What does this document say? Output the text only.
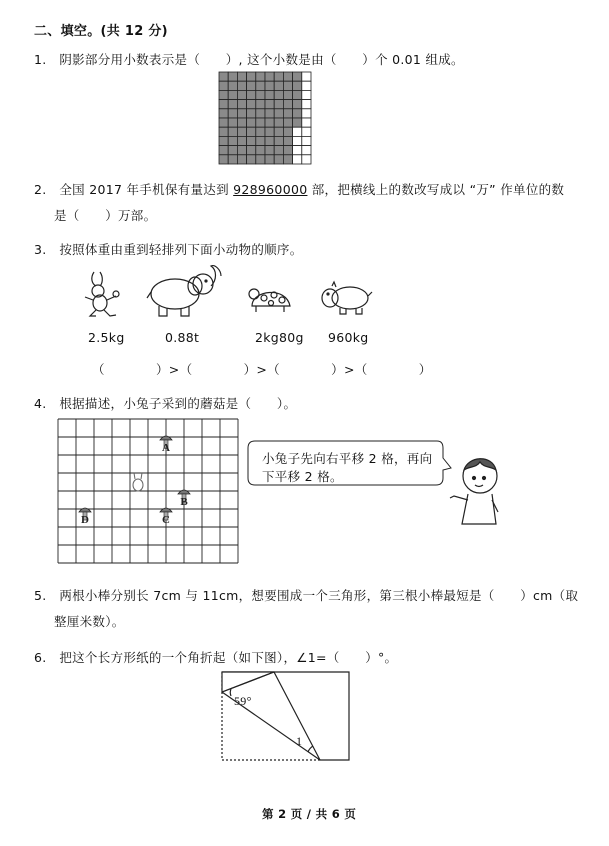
二、填空。(共 12 分)
1.　阴影部分用小数表示是（　　）, 这个小数是由（　　）个 0.01 组成。
2.　全国 2017 年手机保有量达到 928960000 部，把横线上的数改写成以 “万” 作单位的数
是（　　）万部。
3.　按照体重由重到轻排列下面小动物的顺序。
2.5kg	0.88t	2kg80g 960kg
（　　　　）>（　　　　）>（　　　　）>（　　　　）
4.　根据描述，小兔子采到的蘑菇是（　　）。
A
B
C
D
小兔子先向右平移 2 格，再向
下平移 2 格。
5.　两根小棒分别长 7cm 与 11cm，想要围成一个三角形，第三根小棒最短是（　　）cm（取
整厘米数）。
6.　把这个长方形纸的一个角折起（如下图），∠1=（　　）°。
59°
1
第 2 页 / 共 6 页
